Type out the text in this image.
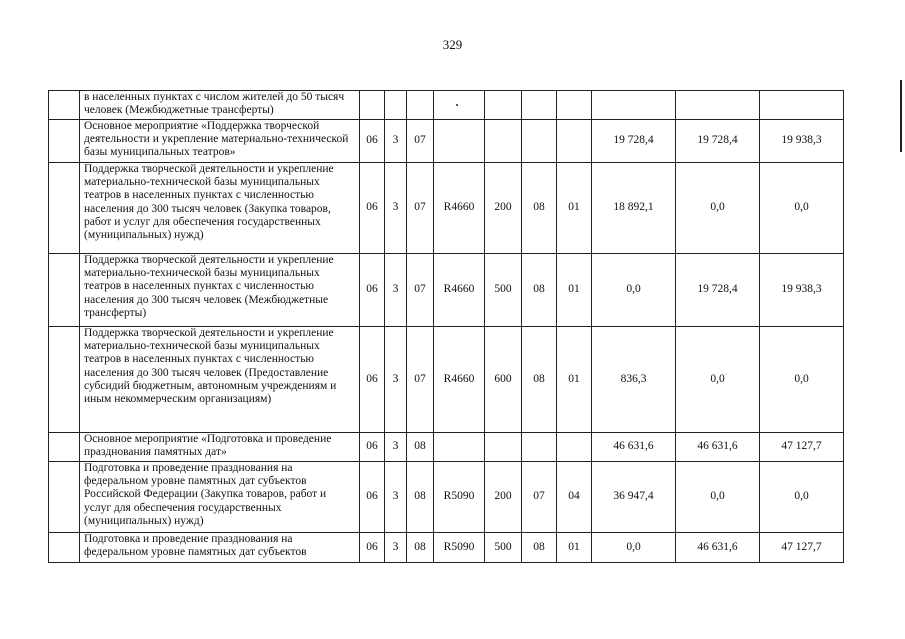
329
	в населенных пунктах с числом жителей до 50 тысяч человек (Межбюджетные трансферты)										
	Основное мероприятие «Поддержка творческой деятельности и укрепление материально-технической базы муниципальных театров»	06	3	07					19 728,4	19 728,4	19 938,3
	Поддержка творческой деятельности и укрепление материально-технической базы муниципальных театров в населенных пунктах с численностью населения до 300 тысяч человек (Закупка товаров, работ и услуг для обеспечения государственных (муниципальных) нужд)	06	3	07	R4660	200	08	01	18 892,1	0,0	0,0
	Поддержка творческой деятельности и укрепление материально-технической базы муниципальных театров в населенных пунктах с численностью населения до 300 тысяч человек (Межбюджетные трансферты)	06	3	07	R4660	500	08	01	0,0	19 728,4	19 938,3
	Поддержка творческой деятельности и укрепление материально-технической базы муниципальных театров в населенных пунктах с численностью населения до 300 тысяч человек (Предоставление субсидий бюджетным, автономным учреждениям и иным некоммерческим организациям)	06	3	07	R4660	600	08	01	836,3	0,0	0,0
	Основное мероприятие «Подготовка и проведение празднования памятных дат»	06	3	08					46 631,6	46 631,6	47 127,7
	Подготовка и проведение празднования на федеральном уровне памятных дат субъектов Российской Федерации (Закупка товаров, работ и услуг для обеспечения государственных (муниципальных) нужд)	06	3	08	R5090	200	07	04	36 947,4	0,0	0,0
	Подготовка и проведение празднования на федеральном уровне памятных дат субъектов	06	3	08	R5090	500	08	01	0,0	46 631,6	47 127,7
